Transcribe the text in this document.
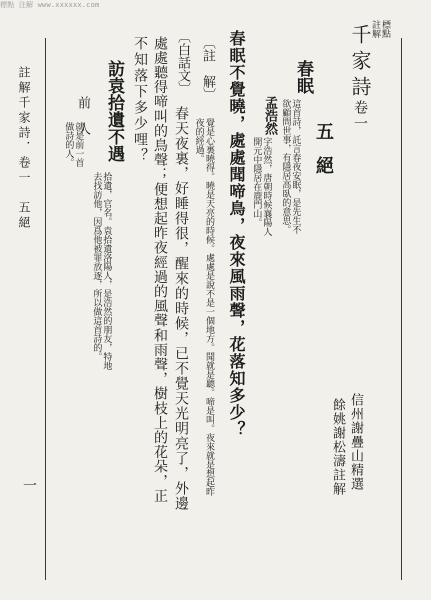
標點 注解 www.xxxxxx.com
標點
註解
千家詩
卷一
信州謝疊山精選
餘姚謝松濤註解
五絕
春眠
這首詩，託言春夜安眠，是先生不
欲顧問世事，有隱居高臥的意思。
孟浩然
字浩然，唐朝時候襄陽人
開元中隱居在鹿門山。
春眠不覺曉，處處聞啼鳥，夜來風雨聲，花落知多少？
〔註　解〕
覺是心裏曉得。曉是天亮的時候。處處是說不是一個地方。聞就是聽。啼是叫。夜來就是想起昨夜的經過。
〔白話文〕
春天夜裏，好睡得很，醒來的時候，已不覺天光明亮了，外邊
處處聽得啼叫的鳥聲；便想起昨夜經過的風聲和雨聲，樹枝上的花朵，正
不知落下多少哩？
訪袁拾遺不遇
拾遺，官名。袁拾遺洛陽人，是浩然的朋友，特地
去找訪他，因爲他被罪放逐，所以做這首詩的。
前　人
就是前一首
做詩的人。
註解千家詩．卷一　五絕
一
